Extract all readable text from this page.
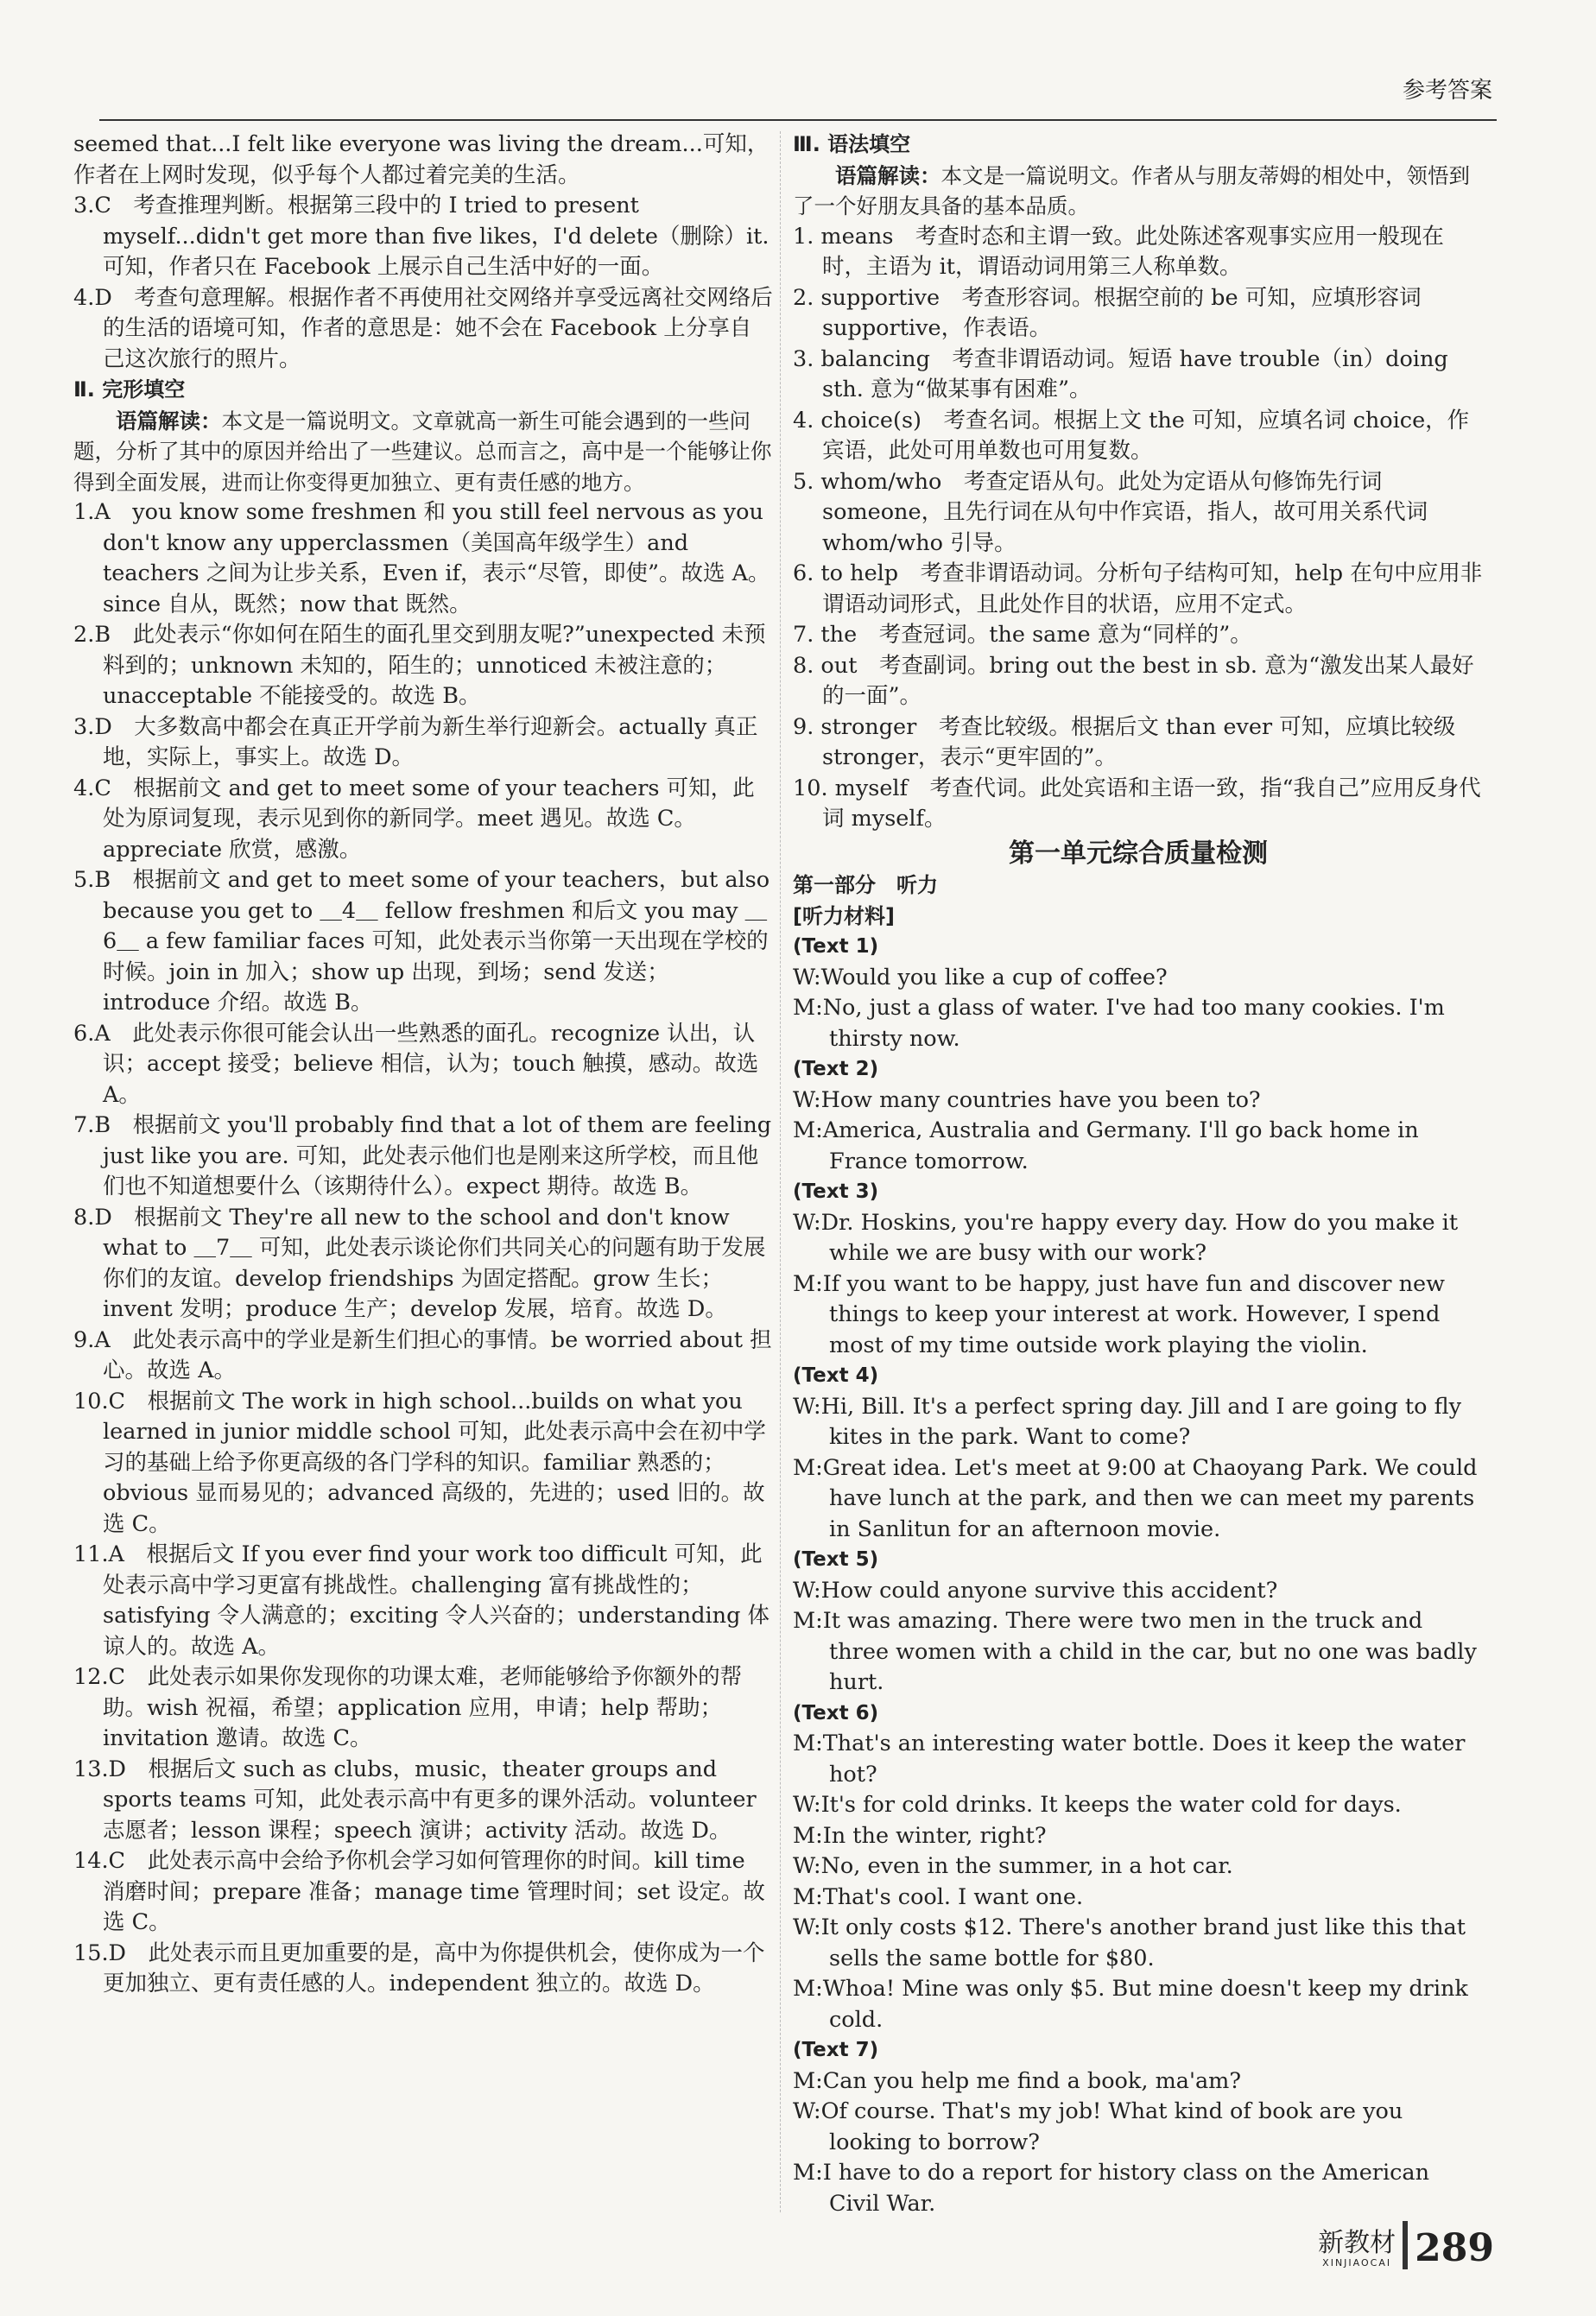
参考答案

seemed that...I felt like everyone was living the dream...可知，作者在上网时发现，似乎每个人都过着完美的生活。

3.C　考查推理判断。根据第三段中的 I tried to present myself...didn't get more than five likes，I'd delete（删除）it. 可知，作者只在 Facebook 上展示自己生活中好的一面。

4.D　考查句意理解。根据作者不再使用社交网络并享受远离社交网络后的生活的语境可知，作者的意思是：她不会在 Facebook 上分享自己这次旅行的照片。

Ⅱ. 完形填空

语篇解读：本文是一篇说明文。文章就高一新生可能会遇到的一些问题，分析了其中的原因并给出了一些建议。总而言之，高中是一个能够让你得到全面发展，进而让你变得更加独立、更有责任感的地方。

1.A　you know some freshmen 和 you still feel nervous as you don't know any upperclassmen（美国高年级学生）and teachers 之间为让步关系，Even if，表示“尽管，即使”。故选 A。since 自从，既然；now that 既然。

2.B　此处表示“你如何在陌生的面孔里交到朋友呢?”unexpected 未预料到的；unknown 未知的，陌生的；unnoticed 未被注意的；unacceptable 不能接受的。故选 B。

3.D　大多数高中都会在真正开学前为新生举行迎新会。actually 真正地，实际上，事实上。故选 D。

4.C　根据前文 and get to meet some of your teachers 可知，此处为原词复现，表示见到你的新同学。meet 遇见。故选 C。appreciate 欣赏，感激。

5.B　根据前文 and get to meet some of your teachers，but also because you get to ＿4＿ fellow freshmen 和后文 you may ＿6＿ a few familiar faces 可知，此处表示当你第一天出现在学校的时候。join in 加入；show up 出现，到场；send 发送；introduce 介绍。故选 B。

6.A　此处表示你很可能会认出一些熟悉的面孔。recognize 认出，认识；accept 接受；believe 相信，认为；touch 触摸，感动。故选 A。

7.B　根据前文 you'll probably find that a lot of them are feeling just like you are. 可知，此处表示他们也是刚来这所学校，而且他们也不知道想要什么（该期待什么）。expect 期待。故选 B。

8.D　根据前文 They're all new to the school and don't know what to ＿7＿ 可知，此处表示谈论你们共同关心的问题有助于发展你们的友谊。develop friendships 为固定搭配。grow 生长；invent 发明；produce 生产；develop 发展，培育。故选 D。

9.A　此处表示高中的学业是新生们担心的事情。be worried about 担心。故选 A。

10.C　根据前文 The work in high school...builds on what you learned in junior middle school 可知，此处表示高中会在初中学习的基础上给予你更高级的各门学科的知识。familiar 熟悉的；obvious 显而易见的；advanced 高级的，先进的；used 旧的。故选 C。

11.A　根据后文 If you ever find your work too difficult 可知，此处表示高中学习更富有挑战性。challenging 富有挑战性的；satisfying 令人满意的；exciting 令人兴奋的；understanding 体谅人的。故选 A。

12.C　此处表示如果你发现你的功课太难，老师能够给予你额外的帮助。wish 祝福，希望；application 应用，申请；help 帮助；invitation 邀请。故选 C。

13.D　根据后文 such as clubs，music，theater groups and sports teams 可知，此处表示高中有更多的课外活动。volunteer 志愿者；lesson 课程；speech 演讲；activity 活动。故选 D。

14.C　此处表示高中会给予你机会学习如何管理你的时间。kill time 消磨时间；prepare 准备；manage time 管理时间；set 设定。故选 C。

15.D　此处表示而且更加重要的是，高中为你提供机会，使你成为一个更加独立、更有责任感的人。independent 独立的。故选 D。

Ⅲ. 语法填空

语篇解读：本文是一篇说明文。作者从与朋友蒂姆的相处中，领悟到了一个好朋友具备的基本品质。

1. means　考查时态和主谓一致。此处陈述客观事实应用一般现在时，主语为 it，谓语动词用第三人称单数。

2. supportive　考查形容词。根据空前的 be 可知，应填形容词 supportive，作表语。

3. balancing　考查非谓语动词。短语 have trouble（in）doing sth. 意为“做某事有困难”。

4. choice(s)　考查名词。根据上文 the 可知，应填名词 choice，作宾语，此处可用单数也可用复数。

5. whom/who　考查定语从句。此处为定语从句修饰先行词 someone，且先行词在从句中作宾语，指人，故可用关系代词 whom/who 引导。

6. to help　考查非谓语动词。分析句子结构可知，help 在句中应用非谓语动词形式，且此处作目的状语，应用不定式。

7. the　考查冠词。the same 意为“同样的”。

8. out　考查副词。bring out the best in sb. 意为“激发出某人最好的一面”。

9. stronger　考查比较级。根据后文 than ever 可知，应填比较级 stronger，表示“更牢固的”。

10. myself　考查代词。此处宾语和主语一致，指“我自己”应用反身代词 myself。

第一单元综合质量检测

第一部分　听力

[听力材料]

(Text 1)

W:Would you like a cup of coffee?

M:No, just a glass of water. I've had too many cookies. I'm thirsty now.

(Text 2)

W:How many countries have you been to?

M:America, Australia and Germany. I'll go back home in France tomorrow.

(Text 3)

W:Dr. Hoskins, you're happy every day. How do you make it while we are busy with our work?

M:If you want to be happy, just have fun and discover new things to keep your interest at work. However, I spend most of my time outside work playing the violin.

(Text 4)

W:Hi, Bill. It's a perfect spring day. Jill and I are going to fly kites in the park. Want to come?

M:Great idea. Let's meet at 9:00 at Chaoyang Park. We could have lunch at the park, and then we can meet my parents in Sanlitun for an afternoon movie.

(Text 5)

W:How could anyone survive this accident?

M:It was amazing. There were two men in the truck and three women with a child in the car, but no one was badly hurt.

(Text 6)

M:That's an interesting water bottle. Does it keep the water hot?

W:It's for cold drinks. It keeps the water cold for days.

M:In the winter, right?

W:No, even in the summer, in a hot car.

M:That's cool. I want one.

W:It only costs $12. There's another brand just like this that sells the same bottle for $80.

M:Whoa! Mine was only $5. But mine doesn't keep my drink cold.

(Text 7)

M:Can you help me find a book, ma'am?

W:Of course. That's my job! What kind of book are you looking to borrow?

M:I have to do a report for history class on the American Civil War.

新教材
XINJIAOCAI 289
